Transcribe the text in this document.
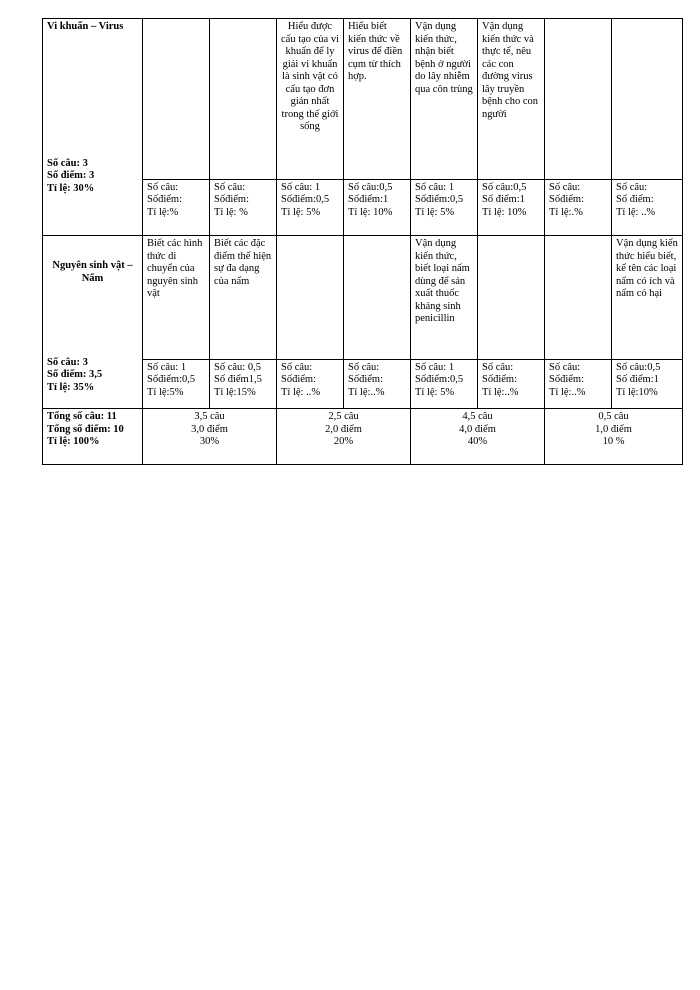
Vi khuẩn – Virus
Số câu: 3
Số điểm: 3
Tỉ lệ: 30%			Hiểu được cấu tạo của vi khuẩn để ly giải vi khuẩn là sinh vật có cấu tạo đơn giản nhất trong thế giới sống	Hiểu biết kiến thức về virus để điền cụm từ thích hợp.	Vận dụng kiến thức, nhận biết bệnh ở người do lây nhiễm qua côn trùng	Vận dụng kiến thức và thực tế, nêu các con đường virus lây truyền bệnh cho con người		

	Số câu:
Sốđiểm:
Tỉ lệ:%	Số câu:
Sốđiểm:
Tỉ lệ: %	Số câu: 1
Sốđiểm:0,5
Tỉ lệ: 5%	Số câu:0,5
Sốđiểm:1
Tỉ lệ: 10%	Số câu: 1
Sốđiểm:0,5
Tỉ lệ: 5%	Số câu:0,5
Số điểm:1
Tỉ lệ: 10%	Số câu:
Sốđiểm:
Tỉ lệ:.%	Số câu:
Số điểm:
Tỉ lệ: ..%

Nguyên sinh vật – Nấm
Số câu: 3
Số điểm: 3,5
Tỉ lệ: 35%	Biết các hình thức di chuyển của nguyên sinh vật	Biết các đặc điểm thể hiện sự đa dạng của nấm			Vận dụng kiến thức, biết loại nấm dùng để sản xuất thuốc kháng sinh penicillin			Vận dụng kiến thức hiểu biết, kể tên các loại nấm có ích và nấm có hại

	Số câu: 1
Sốđiểm:0,5
Tỉ lệ:5%	Số câu: 0,5
Số điểm1,5
Tỉ lệ:15%	Số câu:
Sốđiểm:
Tỉ lệ: ..%	Số câu:
Sốđiểm:
Tỉ lệ:..%	Số câu: 1
Sốđiểm:0,5
Tỉ lệ: 5%	Số câu:
Sốđiểm:
Tỉ lệ:..%	Số câu:
Sốđiểm:
Tỉ lệ:..%	Số câu:0,5
Số điểm:1
Tỉ lệ:10%

Tổng số câu: 11
Tổng số điểm: 10
Tỉ lệ: 100%	3,5 câu
3,0 điểm
30%		2,5 câu
2,0 điểm
20%		4,5 câu
4,0 điểm
40%		0,5 câu
1,0 điểm
10 %	
